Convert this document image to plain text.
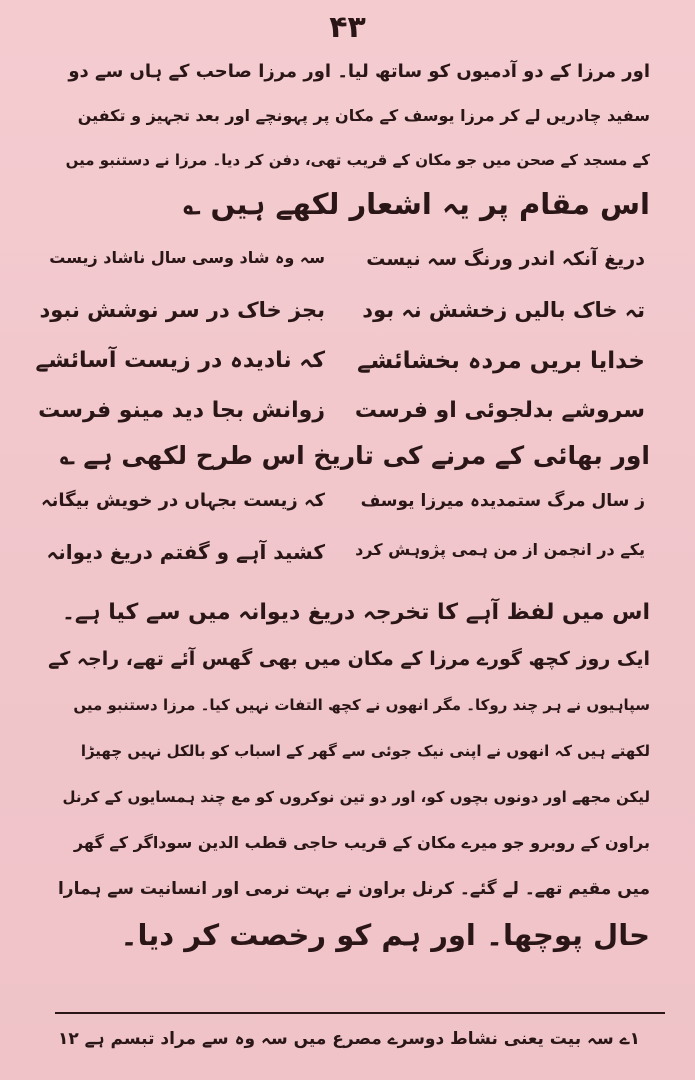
۴۳
اور مرزا کے دو آدمیوں کو ساتھ لیا۔ اور مرزا صاحب کے ہاں سے دو
سفید چادریں لے کر مرزا یوسف کے مکان پر پہونچے اور بعد تجہیز و تکفین
کے مسجد کے صحن میں جو مکان کے قریب تھی، دفن کر دیا۔ مرزا نے دستنبو میں
اس مقام پر یہ اشعار لکھے ہیں ؎
دریغ آنکہ اندر ورنگ سہ نیست
سہ وہ شاد وسی سال ناشاد زیست
تہ خاک بالیں زخشش نہ بود
بجز خاک در سر نوشش نبود
خدایا بریں مردہ بخشائشے
کہ نادیدہ در زیست آسائشے
سروشے بدلجوئی او فرست
زوانش بجا دید مینو فرست
اور بھائی کے مرنے کی تاریخ اس طرح لکھی ہے ؎
ز سال مرگ ستمدیدہ میرزا یوسف
کہ زیست بجہاں در خویش بیگانہ
یکے در انجمن از من ہمی پژوہش کرد
کشید آہے و گفتم دریغ دیوانہ
اس میں لفظ آہے کا تخرجہ دریغ دیوانہ میں سے کیا ہے۔
ایک روز کچھ گورے مرزا کے مکان میں بھی گھس آئے تھے، راجہ کے
سپاہیوں نے ہر چند روکا۔ مگر انھوں نے کچھ التفات نہیں کیا۔ مرزا دستنبو میں
لکھتے ہیں کہ انھوں نے اپنی نیک جوئی سے گھر کے اسباب کو بالکل نہیں چھیڑا
لیکن مجھے اور دونوں بچوں کو، اور دو تین نوکروں کو مع چند ہمسایوں کے کرنل
براون کے روبرو جو میرے مکان کے قریب حاجی قطب الدین سوداگر کے گھر
میں مقیم تھے۔ لے گئے۔ کرنل براون نے بہت نرمی اور انسانیت سے ہمارا
حال پوچھا۔ اور ہم کو رخصت کر دیا۔
۱ے سہ بیت یعنی نشاط دوسرے مصرع میں سہ وہ سے مراد تبسم ہے ۱۲
